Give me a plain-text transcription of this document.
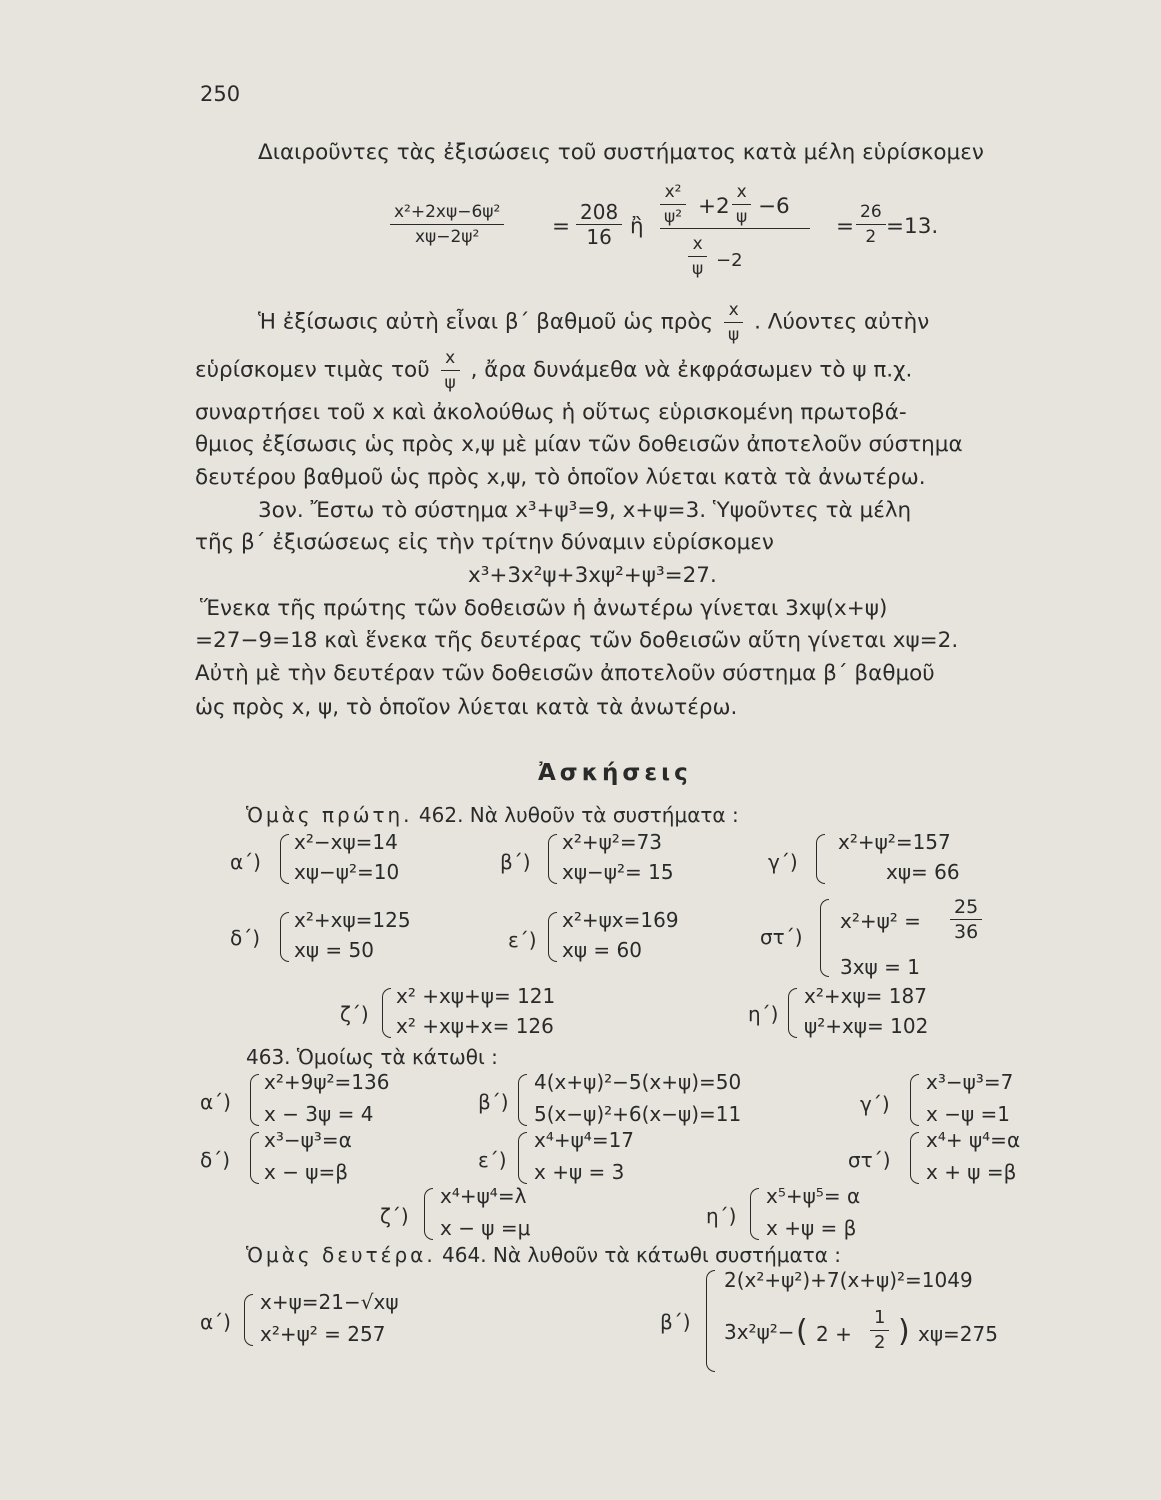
250
Διαιροῦντες τὰς ἐξισώσεις τοῦ συστήματος κατὰ μέλη εὑρίσκομεν
$\frac{\text{x²+2xψ−6ψ²}}{\text{xψ−2ψ²}} = \frac{208}{16}$ ἢ $\frac{\text{x²}}{\text{ψ²}} +2 \frac{x}{\psi} -6$
$\frac{x}{\psi} -2$
= $\frac{26}{2} =13$.
Ἡ ἐξίσωσις αὐτὴ εἶναι β΄ βαθμοῦ ὡς πρὸς $\frac{x}{\psi}$ . Λύοντες αὐτὴν
εὑρίσκομεν τιμὰς τοῦ $\frac{x}{\psi}$ , ἄρα δυνάμεθα νὰ ἐκφράσωμεν τὸ ψ π.χ.
συναρτήσει τοῦ x καὶ ἀκολούθως ἡ οὕτως εὑρισκομένη πρωτοβά-
θμιος ἐξίσωσις ὡς πρὸς x,ψ μὲ μίαν τῶν δοθεισῶν ἀποτελοῦν σύστημα
δευτέρου βαθμοῦ ὡς πρὸς x,ψ, τὸ ὁποῖον λύεται κατὰ τὰ ἀνωτέρω.
3ον. Ἔστω τὸ σύστημα x³+ψ³=9, x+ψ=3. Ὑψοῦντες τὰ μέλη
τῆς β΄ ἐξισώσεως εἰς τὴν τρίτην δύναμιν εὑρίσκομεν
x³+3x²ψ+3xψ²+ψ³=27.
Ἕνεκα τῆς πρώτης τῶν δοθεισῶν ἡ ἀνωτέρω γίνεται 3xψ(x+ψ)
=27−9=18 καὶ ἕνεκα τῆς δευτέρας τῶν δοθεισῶν αὕτη γίνεται xψ=2.
Αὐτὴ μὲ τὴν δευτέραν τῶν δοθεισῶν ἀποτελοῦν σύστημα β΄ βαθμοῦ
ὡς πρὸς x, ψ, τὸ ὁποῖον λύεται κατὰ τὰ ἀνωτέρω.
Ἀσκήσεις
Ὁμὰς πρώτη. 462. Νὰ λυθοῦν τὰ συστήματα :
α΄)
x²−xψ=14
xψ−ψ²=10	β΄)
x²+ψ²=73
xψ−ψ²= 15	γ΄)
x²+ψ²=157
xψ= 66
δ΄)
x²+xψ=125
xψ = 50	ε΄)
x²+ψx=169
xψ = 60
στ΄)
$x^2+\psi^2 = \frac{25}{36}$
3xψ = 1
ζ΄)
x² +xψ+ψ= 121
x² +xψ+x= 126	η΄)
x²+xψ= 187
ψ²+xψ= 102
463. Ὁμοίως τὰ κάτωθι :
α΄)
x²+9ψ²=136
x − 3ψ = 4	β΄)
4(x+ψ)²−5(x+ψ)=50
5(x−ψ)²+6(x−ψ)=11	γ΄)
x³−ψ³=7
x −ψ =1
δ΄)
x³−ψ³=α
x − ψ=β	ε΄)
x⁴+ψ⁴=17
x +ψ = 3	στ΄)
x⁴+ ψ⁴=α
x + ψ =β
ζ΄)
x⁴+ψ⁴=λ
x − ψ =μ	η΄)
x⁵+ψ⁵= α
x +ψ = β
Ὁμὰς δευτέρα. 464. Νὰ λυθοῦν τὰ κάτωθι συστήματα :
α΄)
x+ψ=21−√xψ
x²+ψ² = 257	β΄)
2(x²+ψ²)+7(x+ψ)²=1049
3x²ψ²− ( $2 + \frac{1}{2}$ ) xψ=275
